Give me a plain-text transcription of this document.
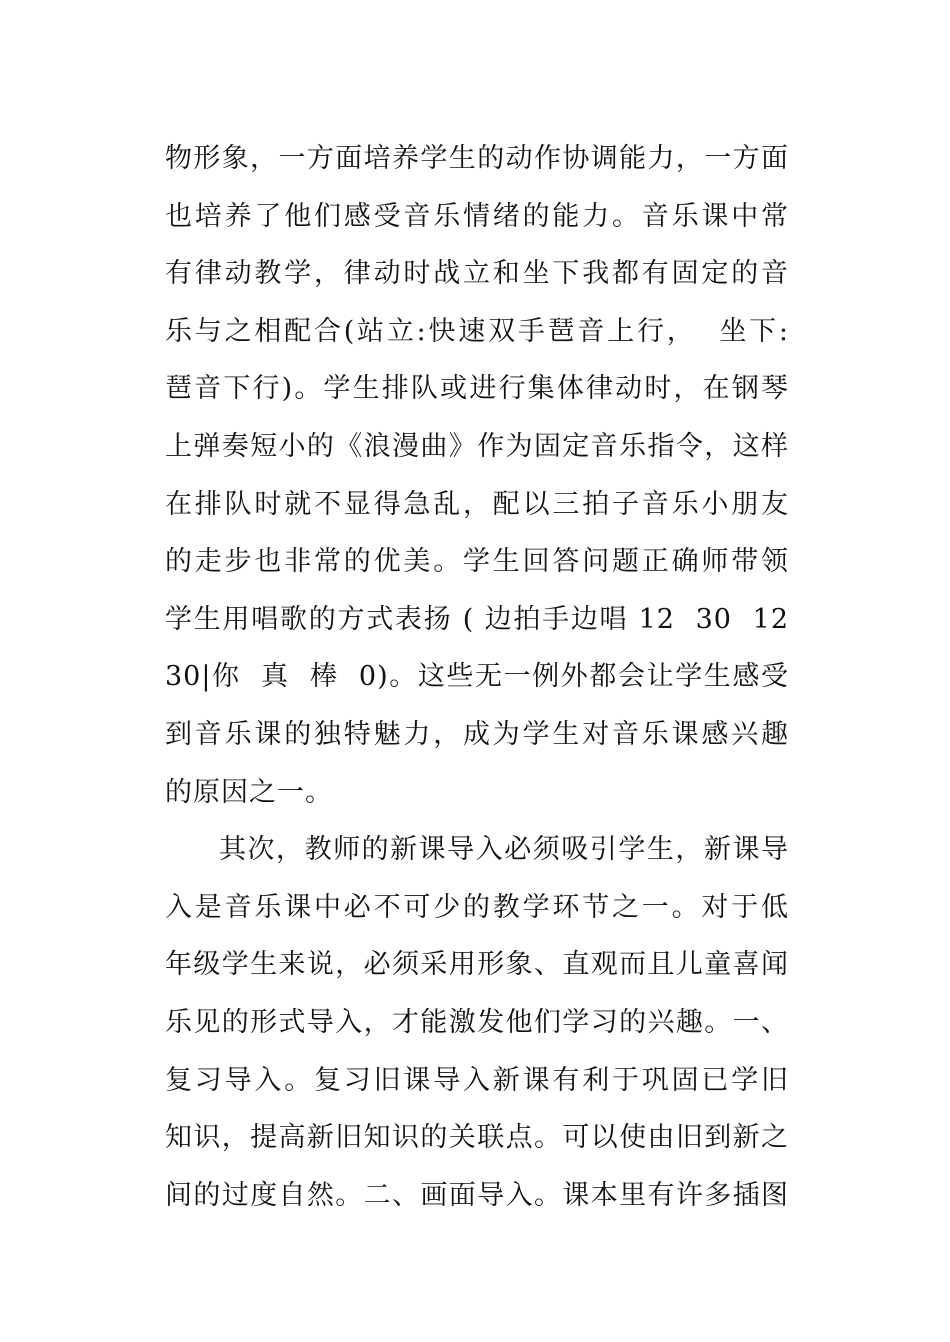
物形象，一方面培养学生的动作协调能力，一方面
也培养了他们感受音乐情绪的能力。音乐课中常
有律动教学，律动时战立和坐下我都有固定的音
乐与之相配合(站立:快速双手琶音上行，  坐下:
琶音下行)。学生排队或进行集体律动时，在钢琴
上弹奏短小的《浪漫曲》作为固定音乐指令，这样
在排队时就不显得急乱，配以三拍子音乐小朋友
的走步也非常的优美。学生回答问题正确师带领
学生用唱歌的方式表扬 ( 边拍手边唱 12  30  12
30|你  真  棒  0)。这些无一例外都会让学生感受
到音乐课的独特魅力，成为学生对音乐课感兴趣
的原因之一。
其次，教师的新课导入必须吸引学生，新课导
入是音乐课中必不可少的教学环节之一。对于低
年级学生来说，必须采用形象、直观而且儿童喜闻
乐见的形式导入，才能激发他们学习的兴趣。一、
复习导入。复习旧课导入新课有利于巩固已学旧
知识，提高新旧知识的关联点。可以使由旧到新之
间的过度自然。二、画面导入。课本里有许多插图
